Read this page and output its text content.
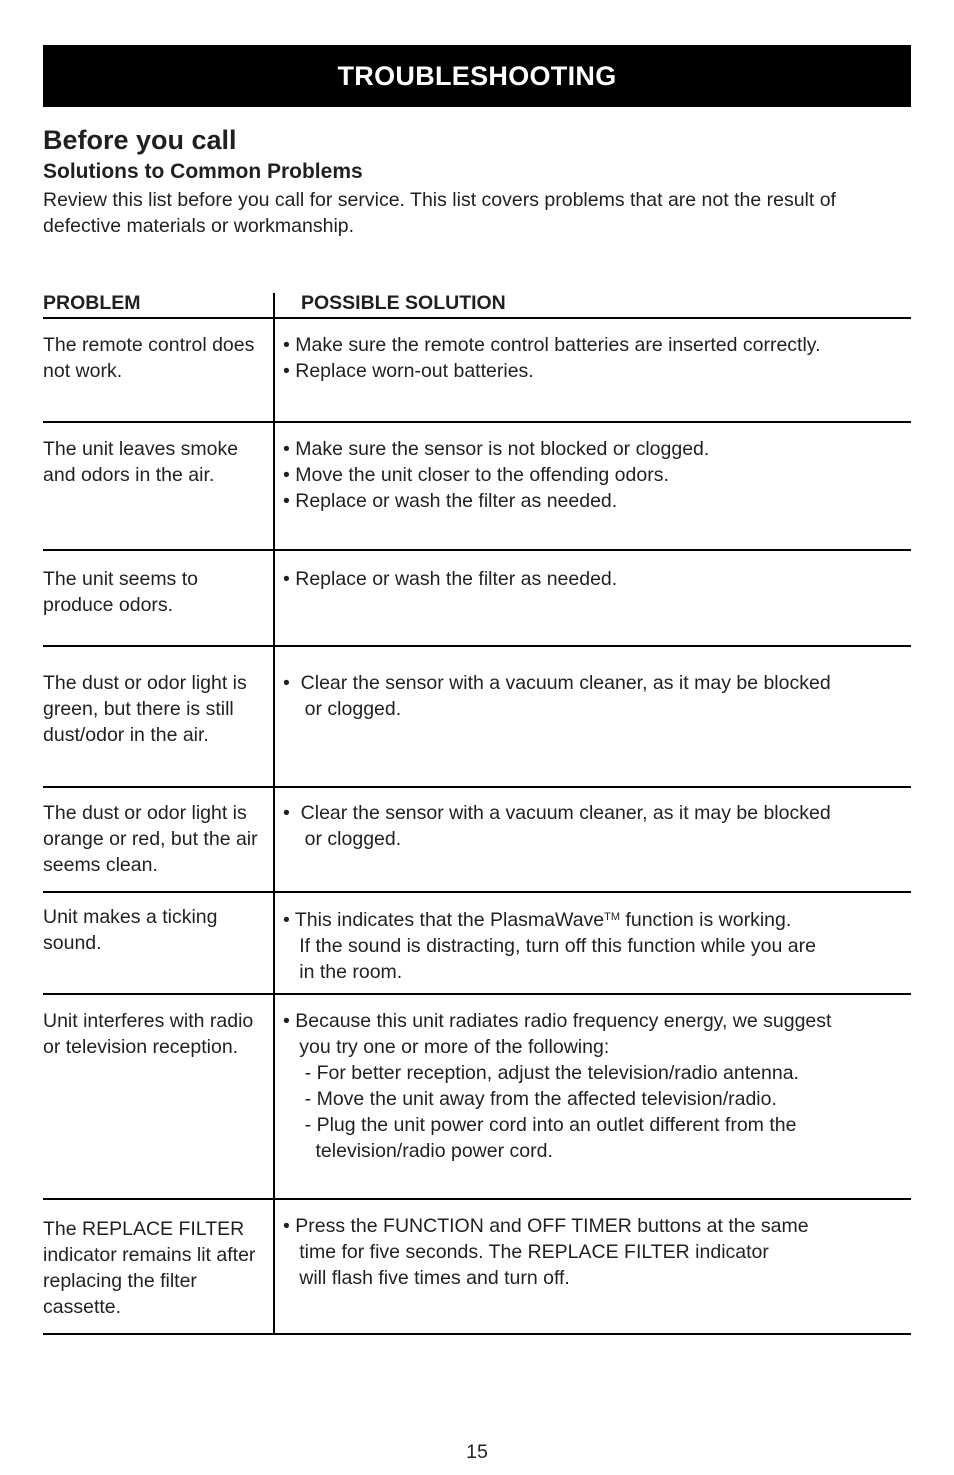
TROUBLESHOOTING
Before you call
Solutions to Common Problems
Review this list before you call for service. This list covers problems that are not the result of defective materials or workmanship.
PROBLEM	POSSIBLE SOLUTION
The remote control does not work.
• Make sure the remote control batteries are inserted correctly.
• Replace worn-out batteries.
The unit leaves smoke and odors in the air.
• Make sure the sensor is not blocked or clogged.
• Move the unit closer to the offending odors.
• Replace or wash the filter as needed.
The unit seems to produce odors.
• Replace or wash the filter as needed.
The dust or odor light is green, but there is still dust/odor in the air.
•  Clear the sensor with a vacuum cleaner, as it may be blocked
or clogged.
The dust or odor light is orange or red, but the air seems clean.
•  Clear the sensor with a vacuum cleaner, as it may be blocked
or clogged.
Unit makes a ticking sound.
• This indicates that the PlasmaWave™ function is working.
If the sound is distracting, turn off this function while you are
in the room.
Unit interferes with radio or television reception.
• Because this unit radiates radio frequency energy, we suggest
you try one or more of the following:
- For better reception, adjust the television/radio antenna.
- Move the unit away from the affected television/radio.
- Plug the unit power cord into an outlet different from the
television/radio power cord.
The REPLACE FILTER indicator remains lit after replacing the filter cassette.
• Press the FUNCTION and OFF TIMER buttons at the same
time for five seconds. The REPLACE FILTER indicator
will flash five times and turn off.
15
